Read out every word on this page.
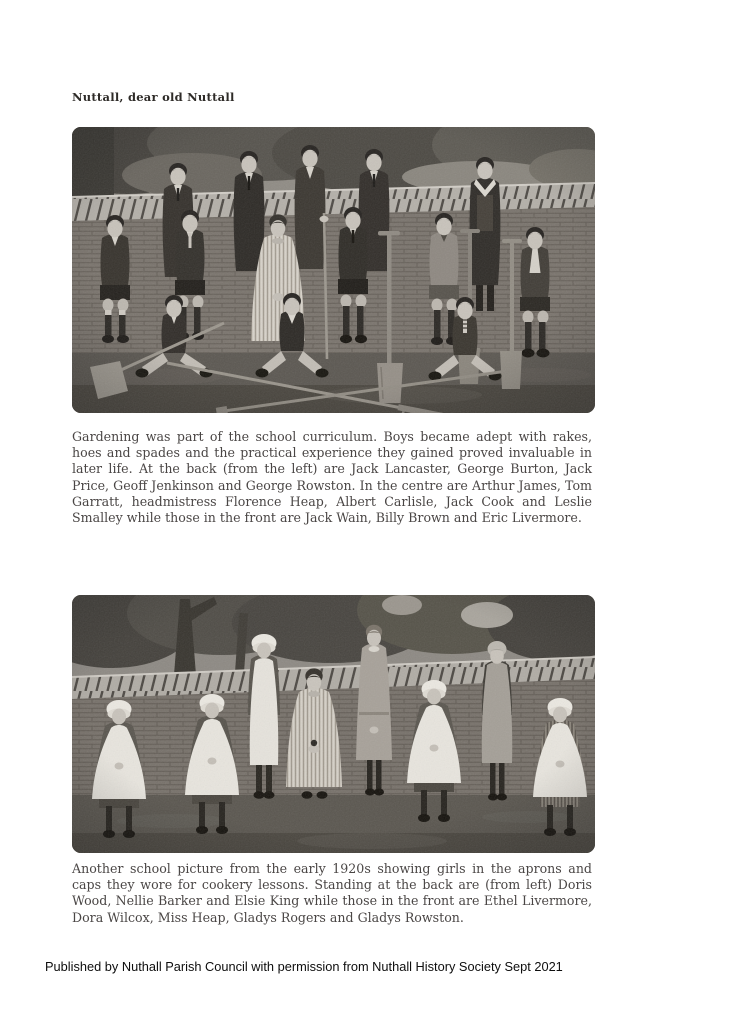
Nuttall, dear old Nuttall

Gardening was part of the school curriculum. Boys became adept with rakes, hoes and spades and the practical experience they gained proved invaluable in later life. At the back (from the left) are Jack Lancaster, George Burton, Jack Price, Geoff Jenkinson and George Rowston. In the centre are Arthur James, Tom Garratt, headmistress Florence Heap, Albert Carlisle, Jack Cook and Leslie Smalley while those in the front are Jack Wain, Billy Brown and Eric Livermore.

Another school picture from the early 1920s showing girls in the aprons and caps they wore for cookery lessons. Standing at the back are (from left) Doris Wood, Nellie Barker and Elsie King while those in the front are Ethel Livermore, Dora Wilcox, Miss Heap, Gladys Rogers and Gladys Rowston.

Published by Nuthall Parish Council with permission from Nuthall History Society Sept 2021
